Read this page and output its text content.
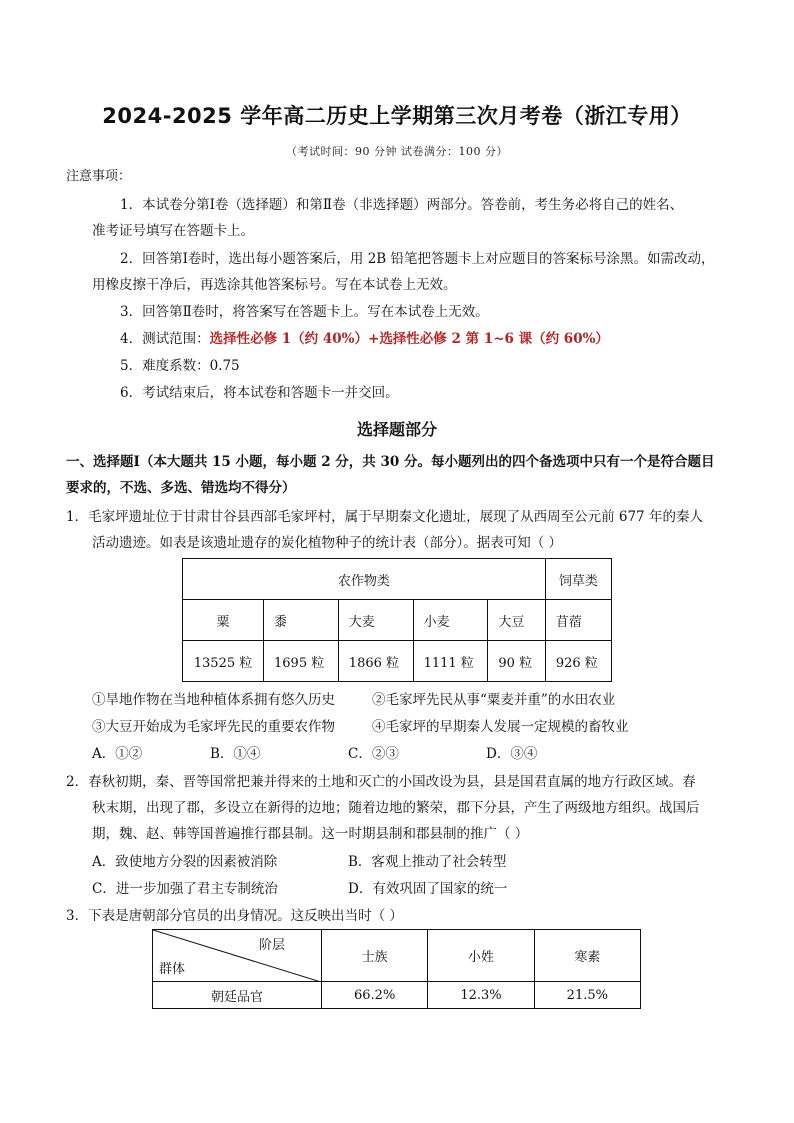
2024-2025 学年高二历史上学期第三次月考卷（浙江专用）
（考试时间：90 分钟 试卷满分：100 分）
注意事项：
1．本试卷分第Ⅰ卷（选择题）和第Ⅱ卷（非选择题）两部分。答卷前，考生务必将自己的姓名、
准考证号填写在答题卡上。
2．回答第Ⅰ卷时，选出每小题答案后，用 2B 铅笔把答题卡上对应题目的答案标号涂黑。如需改动，
用橡皮擦干净后，再选涂其他答案标号。写在本试卷上无效。
3．回答第Ⅱ卷时，将答案写在答题卡上。写在本试卷上无效。
4．测试范围：选择性必修 1（约 40%）+选择性必修 2 第 1~6 课（约 60%）
5．难度系数：0.75
6．考试结束后，将本试卷和答题卡一并交回。
选择题部分
一、选择题Ⅰ（本大题共 15 小题，每小题 2 分，共 30 分。每小题列出的四个备选项中只有一个是符合题目
要求的，不选、多选、错选均不得分）
1．毛家坪遗址位于甘肃甘谷县西部毛家坪村，属于早期秦文化遗址，展现了从西周至公元前 677 年的秦人
活动遗迹。如表是该遗址遗存的炭化植物种子的统计表（部分）。据表可知（ ）
农作物类					饲草类
粟	黍	大麦	小麦	大豆	苜蓿
13525 粒	1695 粒	1866 粒	1111 粒	90 粒	926 粒
①旱地作物在当地种植体系拥有悠久历史	②毛家坪先民从事“粟麦并重”的水田农业
③大豆开始成为毛家坪先民的重要农作物	④毛家坪的早期秦人发展一定规模的畜牧业
A．①②	B．①④	C．②③	D．③④
2．春秋初期，秦、晋等国常把兼并得来的土地和灭亡的小国改设为县，县是国君直属的地方行政区域。春
秋末期，出现了郡，多设立在新得的边地；随着边地的繁荣，郡下分县，产生了两级地方组织。战国后
期，魏、赵、韩等国普遍推行郡县制。这一时期县制和郡县制的推广（ ）
A．致使地方分裂的因素被消除	B．客观上推动了社会转型
C．进一步加强了君主专制统治	D．有效巩固了国家的统一
3．下表是唐朝部分官员的出身情况。这反映出当时（ ）
阶层
群体	士族	小姓	寒素
朝廷品官	66.2%	12.3%	21.5%
